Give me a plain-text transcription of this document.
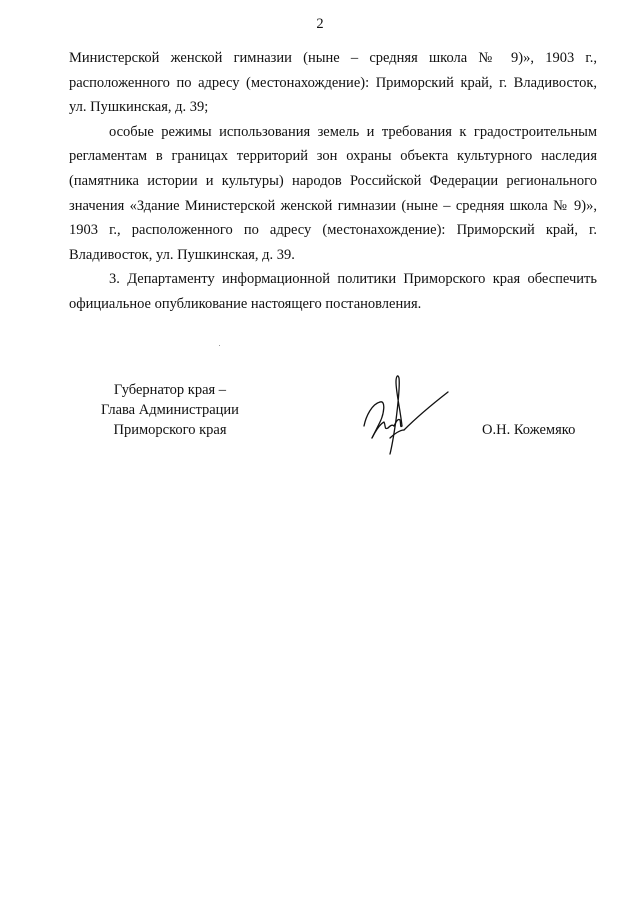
2

Министерской женской гимназии (ныне – средняя школа № 9)», 1903 г., расположенного по адресу (местонахождение): Приморский край, г. Владивосток, ул. Пушкинская, д. 39;

особые режимы использования земель и требования к градостроительным регламентам в границах территорий зон охраны объекта культурного наследия (памятника истории и культуры) народов Российской Федерации регионального значения «Здание Министерской женской гимназии (ныне – средняя школа № 9)», 1903 г., расположенного по адресу (местонахождение): Приморский край, г. Владивосток, ул. Пушкинская, д. 39.

3. Департаменту информационной политики Приморского края обеспечить официальное опубликование настоящего постановления.

Губернатор края –
Глава Администрации
Приморского края	О.Н. Кожемяко
